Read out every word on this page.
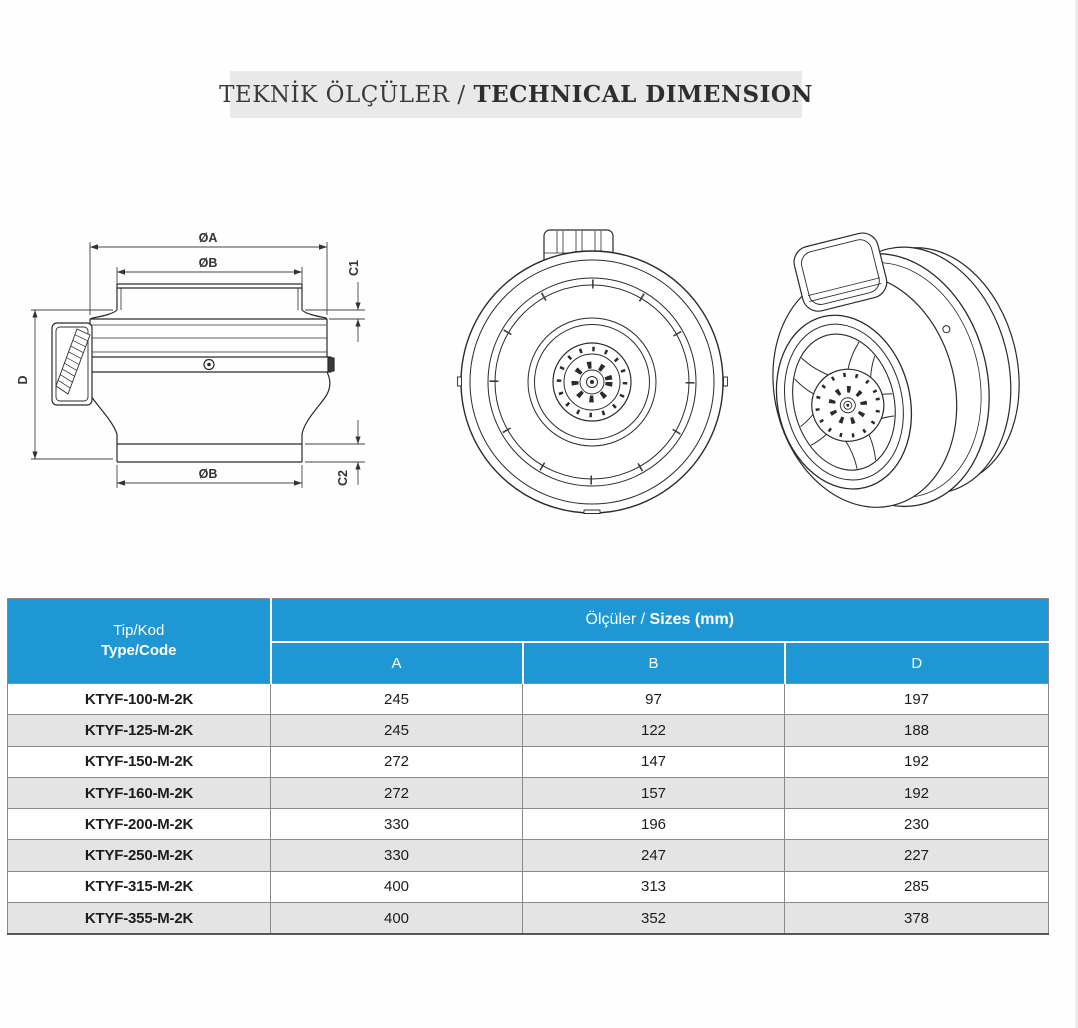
TEKNİK ÖLÇÜLER / TECHNICAL DIMENSION
ØA
ØB	C1
D
ØB	C2
Tip/Kod
Type/Code	Ölçüler / Sizes (mm)		
	A	B	D
KTYF-100-M-2K	245	97	197
KTYF-125-M-2K	245	122	188
KTYF-150-M-2K	272	147	192
KTYF-160-M-2K	272	157	192
KTYF-200-M-2K	330	196	230
KTYF-250-M-2K	330	247	227
KTYF-315-M-2K	400	313	285
KTYF-355-M-2K	400	352	378
